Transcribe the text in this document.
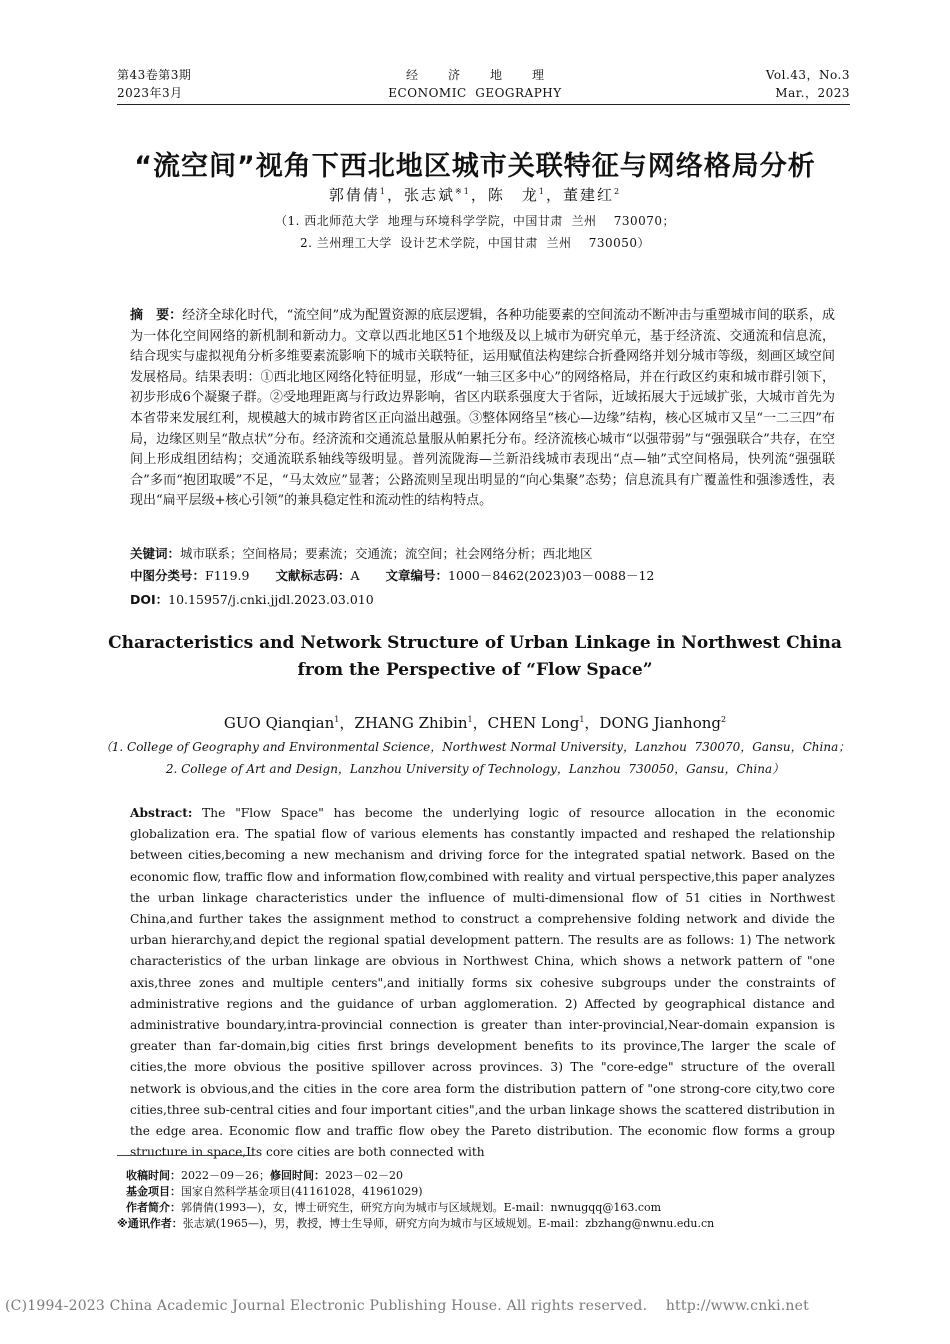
第43卷第3期
2023年3月
经济地理
ECONOMIC  GEOGRAPHY
Vol.43，No.3
Mar.，2023
“流空间”视角下西北地区城市关联特征与网络格局分析
郭倩倩$^1$，张志斌$^{※1}$，陈　龙$^1$，董建红$^2$
（1. 西北师范大学  地理与环境科学学院，中国甘肃  兰州    730070；
2. 兰州理工大学  设计艺术学院，中国甘肃  兰州    730050）
摘　要：经济全球化时代，“流空间”成为配置资源的底层逻辑，各种功能要素的空间流动不断冲击与重塑城市间的联系，成为一体化空间网络的新机制和新动力。文章以西北地区51个地级及以上城市为研究单元，基于经济流、交通流和信息流，结合现实与虚拟视角分析多维要素流影响下的城市关联特征，运用赋值法构建综合折叠网络并划分城市等级，刻画区域空间发展格局。结果表明：①西北地区网络化特征明显，形成“一轴三区多中心”的网络格局，并在行政区约束和城市群引领下，初步形成6个凝聚子群。②受地理距离与行政边界影响，省区内联系强度大于省际，近域拓展大于远域扩张，大城市首先为本省带来发展红利，规模越大的城市跨省区正向溢出越强。③整体网络呈“核心—边缘”结构，核心区城市又呈“一二三四”布局，边缘区则呈“散点状”分布。经济流和交通流总量服从帕累托分布。经济流核心城市“以强带弱”与“强强联合”共存，在空间上形成组团结构；交通流联系轴线等级明显。普列流陇海—兰新沿线城市表现出“点—轴”式空间格局，快列流“强强联合”多而“抱团取暖”不足，“马太效应”显著；公路流则呈现出明显的“向心集聚”态势；信息流具有广覆盖性和强渗透性，表现出“扁平层级+核心引领”的兼具稳定性和流动性的结构特点。
关键词：城市联系；空间格局；要素流；交通流；流空间；社会网络分析；西北地区
中图分类号：F119.9 文献标志码：A 文章编号：1000－8462(2023)03－0088－12
DOI：10.15957/j.cnki.jjdl.2023.03.010
Characteristics and Network Structure of Urban Linkage in Northwest China
from the Perspective of “Flow Space”
GUO Qianqian$^1$，ZHANG Zhibin$^1$，CHEN Long$^1$，DONG Jianhong$^2$
（1. College of Geography and Environmental Science，Northwest Normal University，Lanzhou  730070，Gansu，China；
2. College of Art and Design，Lanzhou University of Technology，Lanzhou  730050，Gansu，China）
Abstract: The "Flow Space" has become the underlying logic of resource allocation in the economic globalization era. The spatial flow of various elements has constantly impacted and reshaped the relationship between cities,becoming a new mechanism and driving force for the integrated spatial network. Based on the economic flow, traffic flow and information flow,combined with reality and virtual perspective,this paper analyzes the urban linkage characteristics under the influence of multi-dimensional flow of 51 cities in Northwest China,and further takes the assignment method to construct a comprehensive folding network and divide the urban hierarchy,and depict the regional spatial development pattern. The results are as follows: 1) The network characteristics of the urban linkage are obvious in Northwest China, which shows a network pattern of "one axis,three zones and multiple centers",and initially forms six cohesive subgroups under the constraints of administrative regions and the guidance of urban agglomeration. 2) Affected by geographical distance and administrative boundary,intra-provincial connection is greater than inter-provincial,Near-domain expansion is greater than far-domain,big cities first brings development benefits to its province,The larger the scale of cities,the more obvious the positive spillover across provinces. 3) The "core-edge" structure of the overall network is obvious,and the cities in the core area form the distribution pattern of "one strong-core city,two core cities,three sub-central cities and four important cities",and the urban linkage shows the scattered distribution in the edge area. Economic flow and traffic flow obey the Pareto distribution. The economic flow forms a group structure in space,Its core cities are both connected with
收稿时间：2022－09－26；修回时间：2023－02－20
基金项目：国家自然科学基金项目(41161028，41961029)
作者简介：郭倩倩(1993—)，女，博士研究生，研究方向为城市与区域规划。E-mail：nwnugqq@163.com
※通讯作者：张志斌(1965—)，男，教授，博士生导师，研究方向为城市与区域规划。E-mail：zbzhang@nwnu.edu.cn
(C)1994-2023 China Academic Journal Electronic Publishing House. All rights reserved.    http://www.cnki.net
